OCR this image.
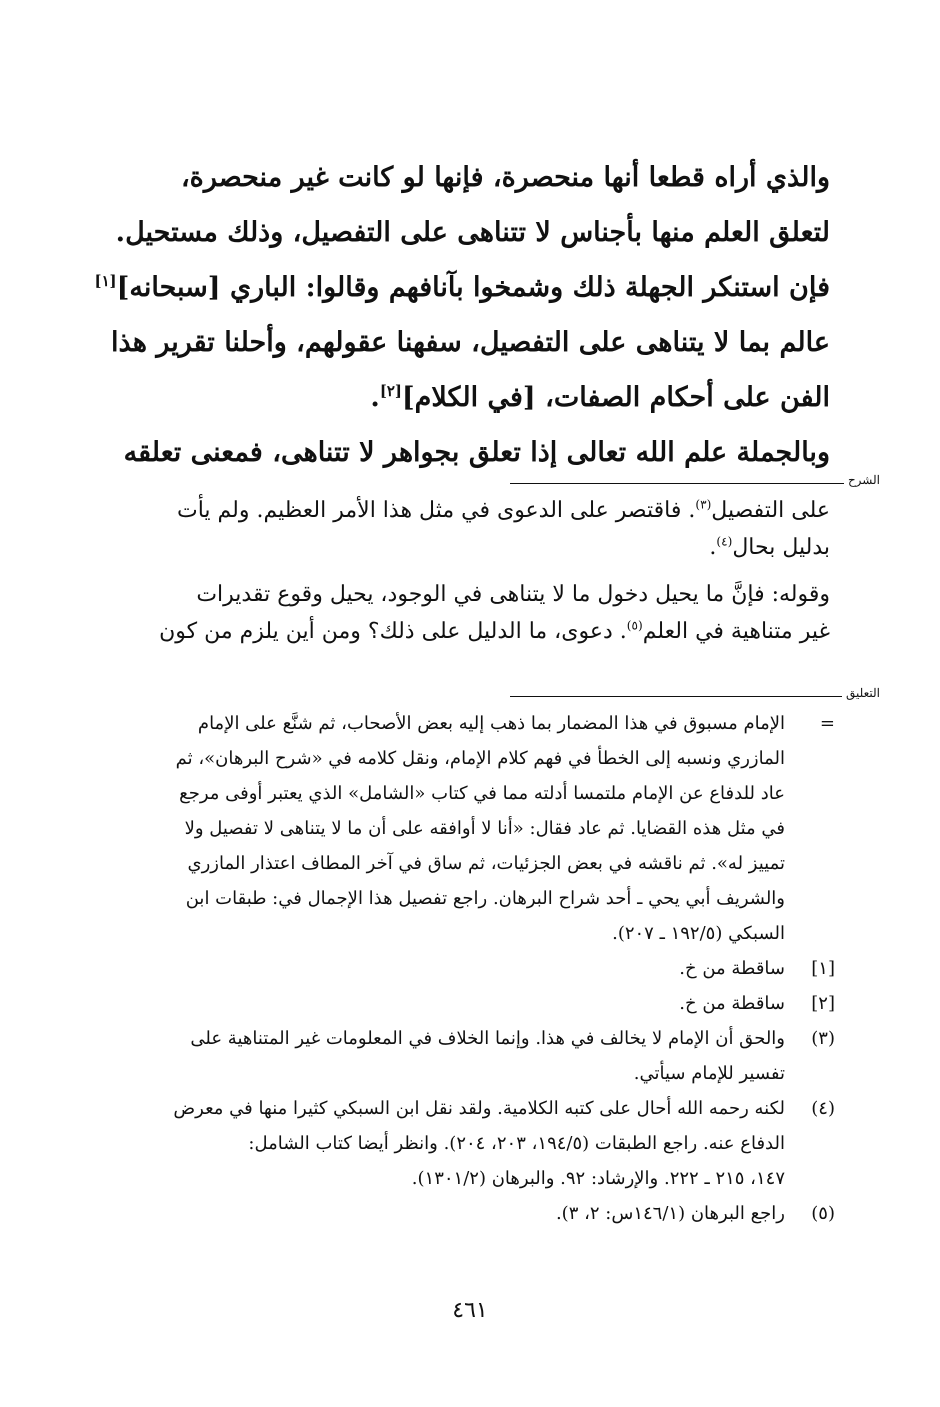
والذي أراه قطعا أنها منحصرة، فإنها لو كانت غير منحصرة،

لتعلق العلم منها بأجناس لا تتناهى على التفصيل، وذلك مستحيل.

فإن استنكر الجهلة ذلك وشمخوا بآنافهم وقالوا: الباري [سبحانه][١]

عالم بما لا يتناهى على التفصيل، سفهنا عقولهم، وأحلنا تقرير هذا

الفن على أحكام الصفات، [في الكلام][٢].

وبالجملة علم الله تعالى إذا تعلق بجواهر لا تتناهى، فمعنى تعلقه

الشرح

على التفصيل$^{(٣)}$. فاقتصر على الدعوى في مثل هذا الأمر العظيم. ولم يأت

بدليل بحال$^{(٤)}$.

وقوله: فإنَّ ما يحيل دخول ما لا يتناهى في الوجود، يحيل وقوع تقديرات

غير متناهية في العلم$^{(٥)}$. دعوى، ما الدليل على ذلك؟ ومن أين يلزم من كون

التعليق
=
الإمام مسبوق في هذا المضمار بما ذهب إليه بعض الأصحاب، ثم شنَّع على الإمام
المازري ونسبه إلى الخطأ في فهم كلام الإمام، ونقل كلامه في «شرح البرهان»، ثم
عاد للدفاع عن الإمام ملتمسا أدلته مما في كتاب «الشامل» الذي يعتبر أوفى مرجع
في مثل هذه القضايا. ثم عاد فقال: «أنا لا أوافقه على أن ما لا يتناهى لا تفصيل ولا
تمييز له». ثم ناقشه في بعض الجزئيات، ثم ساق في آخر المطاف اعتذار المازري
والشريف أبي يحي ـ أحد شراح البرهان. راجع تفصيل هذا الإجمال في: طبقات ابن
السبكي (١٩٢/٥ ـ ٢٠٧).
[١]
ساقطة من خ.
[٢]
ساقطة من خ.
(٣)
والحق أن الإمام لا يخالف في هذا. وإنما الخلاف في المعلومات غير المتناهية على
تفسير للإمام سيأتي.
(٤)
لكنه رحمه الله أحال على كتبه الكلامية. ولقد نقل ابن السبكي كثيرا منها في معرض
الدفاع عنه. راجع الطبقات (١٩٤/٥، ٢٠٣، ٢٠٤). وانظر أيضا كتاب الشامل:
١٤٧، ٢١٥ ـ ٢٢٢. والإرشاد: ٩٢. والبرهان (١٣٠١/٢).
(٥)
راجع البرهان (١٤٦/١س: ٢، ٣).
٤٦١
